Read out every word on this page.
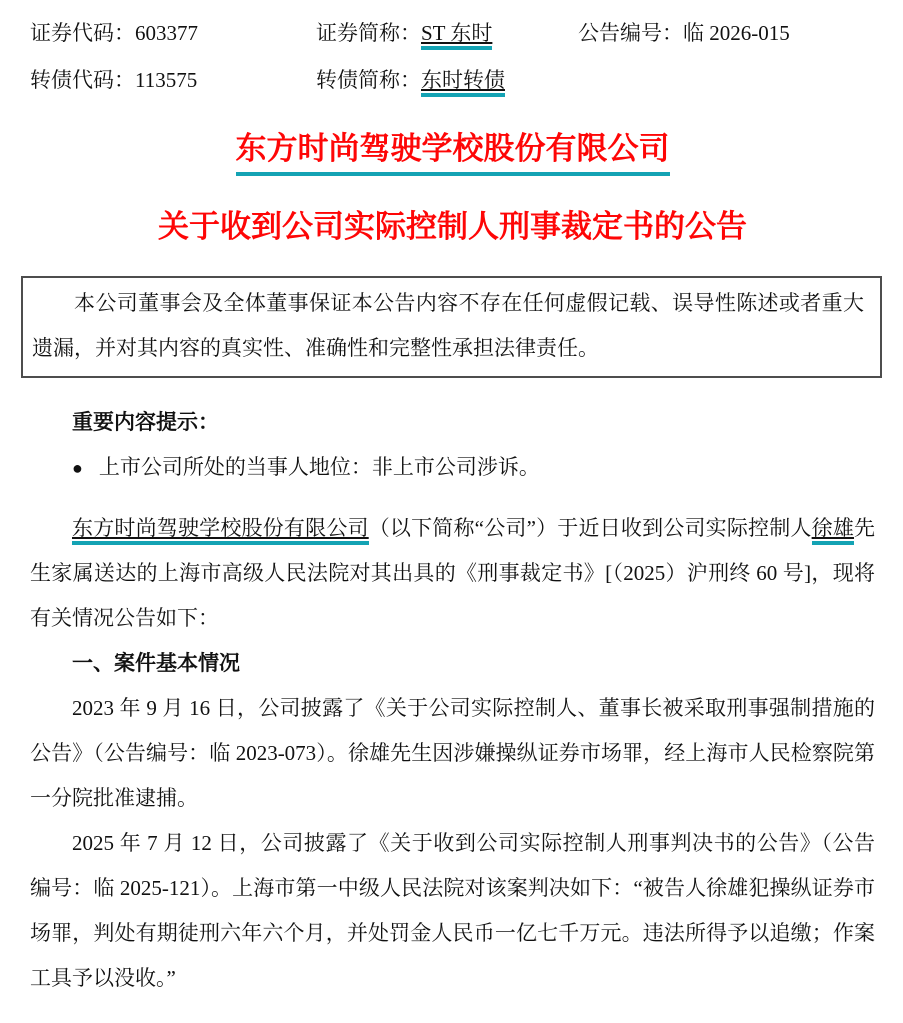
证券代码：603377	证券简称：ST 东时	公告编号：临 2026-015
转债代码：113575	转债简称：东时转债
东方时尚驾驶学校股份有限公司
关于收到公司实际控制人刑事裁定书的公告

本公司董事会及全体董事保证本公告内容不存在任何虚假记载、误导性陈述或者重大遗漏，并对其内容的真实性、准确性和完整性承担法律责任。

重要内容提示：

● 上市公司所处的当事人地位：非上市公司涉诉。

东方时尚驾驶学校股份有限公司（以下简称“公司”）于近日收到公司实际控制人徐雄先生家属送达的上海市高级人民法院对其出具的《刑事裁定书》[（2025）沪刑终 60 号]，现将有关情况公告如下：

一、案件基本情况

2023 年 9 月 16 日，公司披露了《关于公司实际控制人、董事长被采取刑事强制措施的公告》（公告编号：临 2023-073）。徐雄先生因涉嫌操纵证券市场罪，经上海市人民检察院第一分院批准逮捕。

2025 年 7 月 12 日，公司披露了《关于收到公司实际控制人刑事判决书的公告》（公告编号：临 2025-121）。上海市第一中级人民法院对该案判决如下：“被告人徐雄犯操纵证券市场罪，判处有期徒刑六年六个月，并处罚金人民币一亿七千万元。违法所得予以追缴；作案工具予以没收。”
